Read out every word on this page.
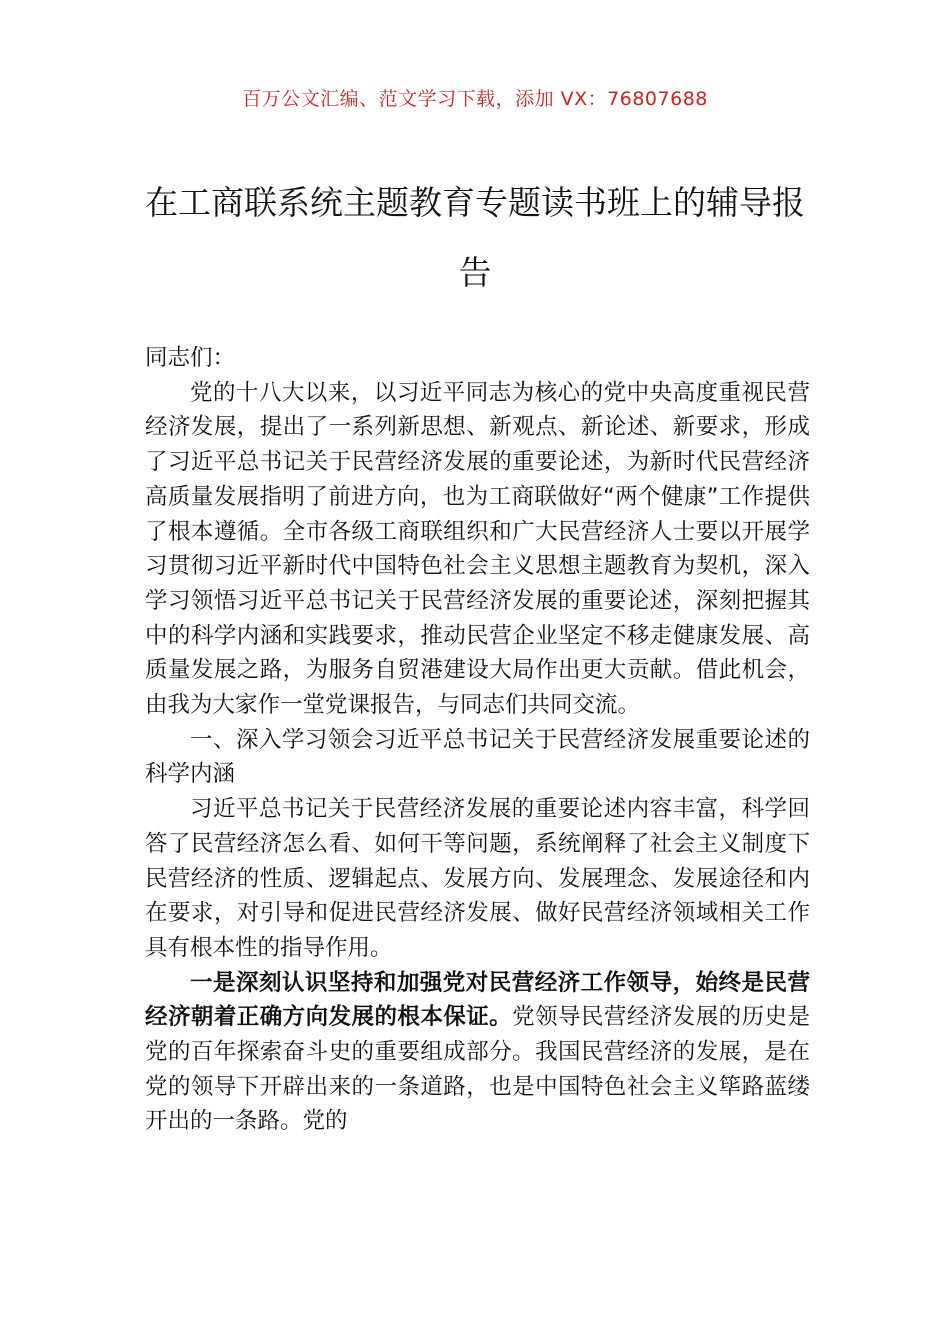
百万公文汇编、范文学习下载，添加 VX：76807688
在工商联系统主题教育专题读书班上的辅导报告

同志们：

党的十八大以来，以习近平同志为核心的党中央高度重视民营经济发展，提出了一系列新思想、新观点、新论述、新要求，形成了习近平总书记关于民营经济发展的重要论述，为新时代民营经济高质量发展指明了前进方向，也为工商联做好“两个健康”工作提供了根本遵循。全市各级工商联组织和广大民营经济人士要以开展学习贯彻习近平新时代中国特色社会主义思想主题教育为契机，深入学习领悟习近平总书记关于民营经济发展的重要论述，深刻把握其中的科学内涵和实践要求，推动民营企业坚定不移走健康发展、高质量发展之路，为服务自贸港建设大局作出更大贡献。借此机会，由我为大家作一堂党课报告，与同志们共同交流。

一、深入学习领会习近平总书记关于民营经济发展重要论述的科学内涵

习近平总书记关于民营经济发展的重要论述内容丰富，科学回答了民营经济怎么看、如何干等问题，系统阐释了社会主义制度下民营经济的性质、逻辑起点、发展方向、发展理念、发展途径和内在要求，对引导和促进民营经济发展、做好民营经济领域相关工作具有根本性的指导作用。

一是深刻认识坚持和加强党对民营经济工作领导，始终是民营经济朝着正确方向发展的根本保证。党领导民营经济发展的历史是党的百年探索奋斗史的重要组成部分。我国民营经济的发展，是在党的领导下开辟出来的一条道路，也是中国特色社会主义筚路蓝缕开出的一条路。党的
